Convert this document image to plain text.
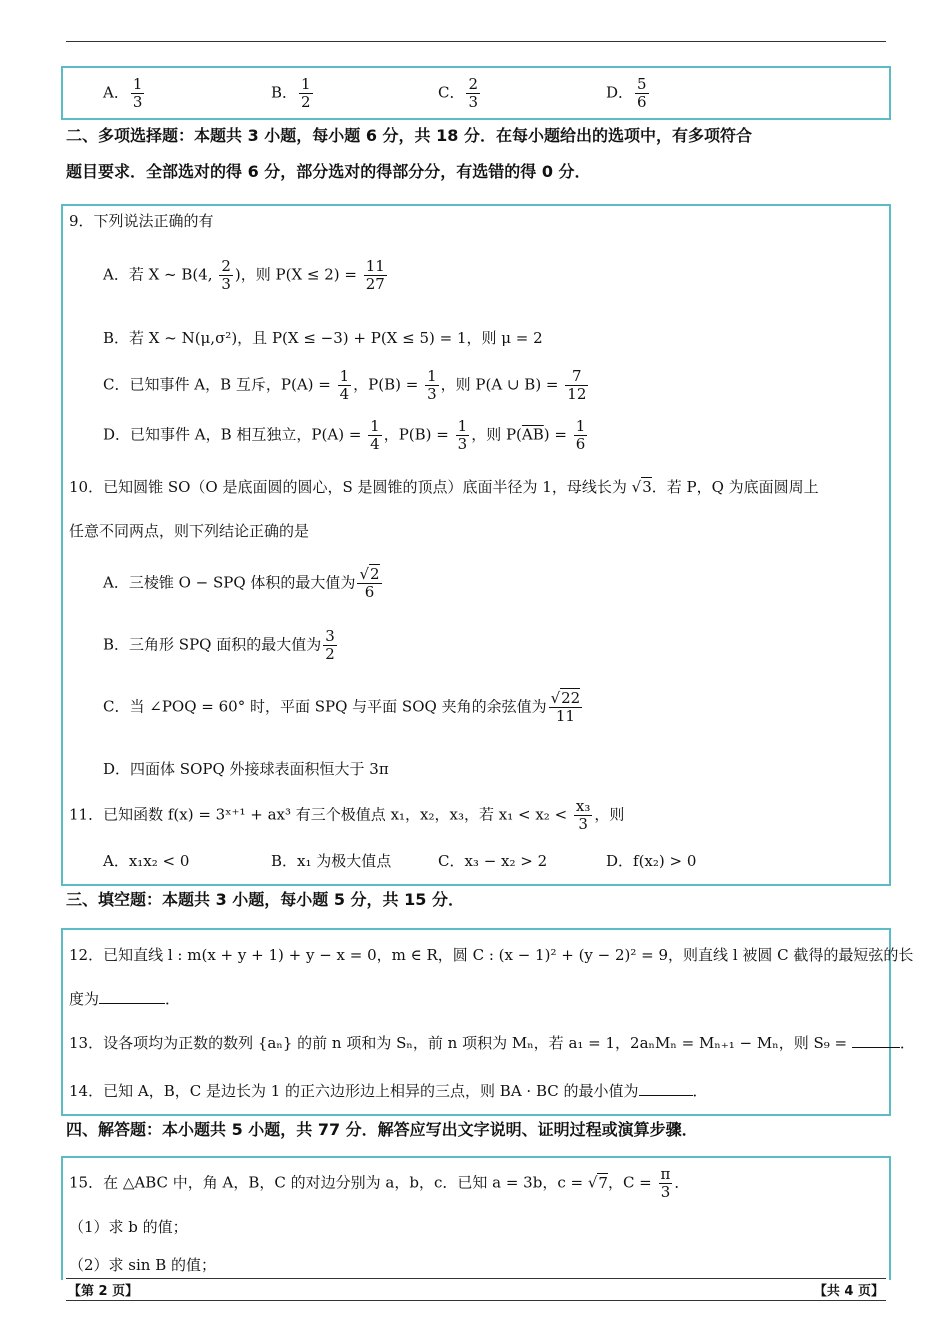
A． $\frac{1}{3}$	B． $\frac{1}{2}$	C． $\frac{2}{3}$	D． $\frac{5}{6}$
二、多项选择题：本题共 3 小题，每小题 6 分，共 18 分．在每小题给出的选项中，有多项符合
题目要求．全部选对的得 6 分，部分选对的得部分分，有选错的得 0 分．
9．下列说法正确的有
A．若 X ~ B(4, $\frac{2}{3}$ )，则 $P(X \le 2) = \frac{11}{27}$
B．若 X ~ N(μ,σ²)，且 P(X ≤ −3) + P(X ≤ 5) = 1，则 μ = 2
C．已知事件 A，B 互斥，$P(A) = \frac{1}{4}$ ，$P(B) = \frac{1}{3}$ ，则 P(A ∪ $B) = \frac{7}{12}$
D．已知事件 A，B 相互独立，$P(A) = \frac{1}{4}$ ，$P(B) = \frac{1}{3}$ ，则 $P(\overline{AB}) = \frac{1}{6}$
10．已知圆锥 SO（O 是底面圆的圆心，S 是圆锥的顶点）底面半径为 1，母线长为 √3．若 P，Q 为底面圆周上
任意不同两点，则下列结论正确的是
A．三棱锥 O − SPQ 体积的最大值为 $\frac{√2}{6}$
B．三角形 SPQ 面积的最大值为 $\frac{3}{2}$
C．当 ∠POQ = 60° 时，平面 SPQ 与平面 SOQ 夹角的余弦值为 $\frac{√22}{11}$
D．四面体 SOPQ 外接球表面积恒大于 3π
11．已知函数 f(x) = 3ˣ⁺¹ + ax³ 有三个极值点 x₁，x₂，x₃，若 $x_1 < x_2 < \frac{\text{x₃}}{3}$ ，则
A．x₁x₂ < 0	B．x₁ 为极大值点	C．x₃ − x₂ > 2	D．f(x₂) > 0
三、填空题：本题共 3 小题，每小题 5 分，共 15 分．
12．已知直线 l : m(x + y + 1) + y − x = 0，m ∈ R，圆 C : (x − 1)² + (y − 2)² = 9，则直线 l 被圆 C 截得的最短弦的长
度为	．
13．设各项均为正数的数列 {aₙ} 的前 n 项和为 Sₙ，前 n 项积为 Mₙ，若 a₁ = 1，2aₙMₙ = Mₙ₊₁ − Mₙ，则 S₉ =	．
14．已知 A，B，C 是边长为 1 的正六边形边上相异的三点，则 BA · BC 的最小值为	．
四、解答题：本小题共 5 小题，共 77 分．解答应写出文字说明、证明过程或演算步骤．
15．在 △ABC 中，角 A，B，C 的对边分别为 a，b，c．已知 a = 3b，c = √7，$C = \frac{\pi}{3}$ ．
（1）求 b 的值；
（2）求 sin B 的值；
【第 2 页】	【共 4 页】
